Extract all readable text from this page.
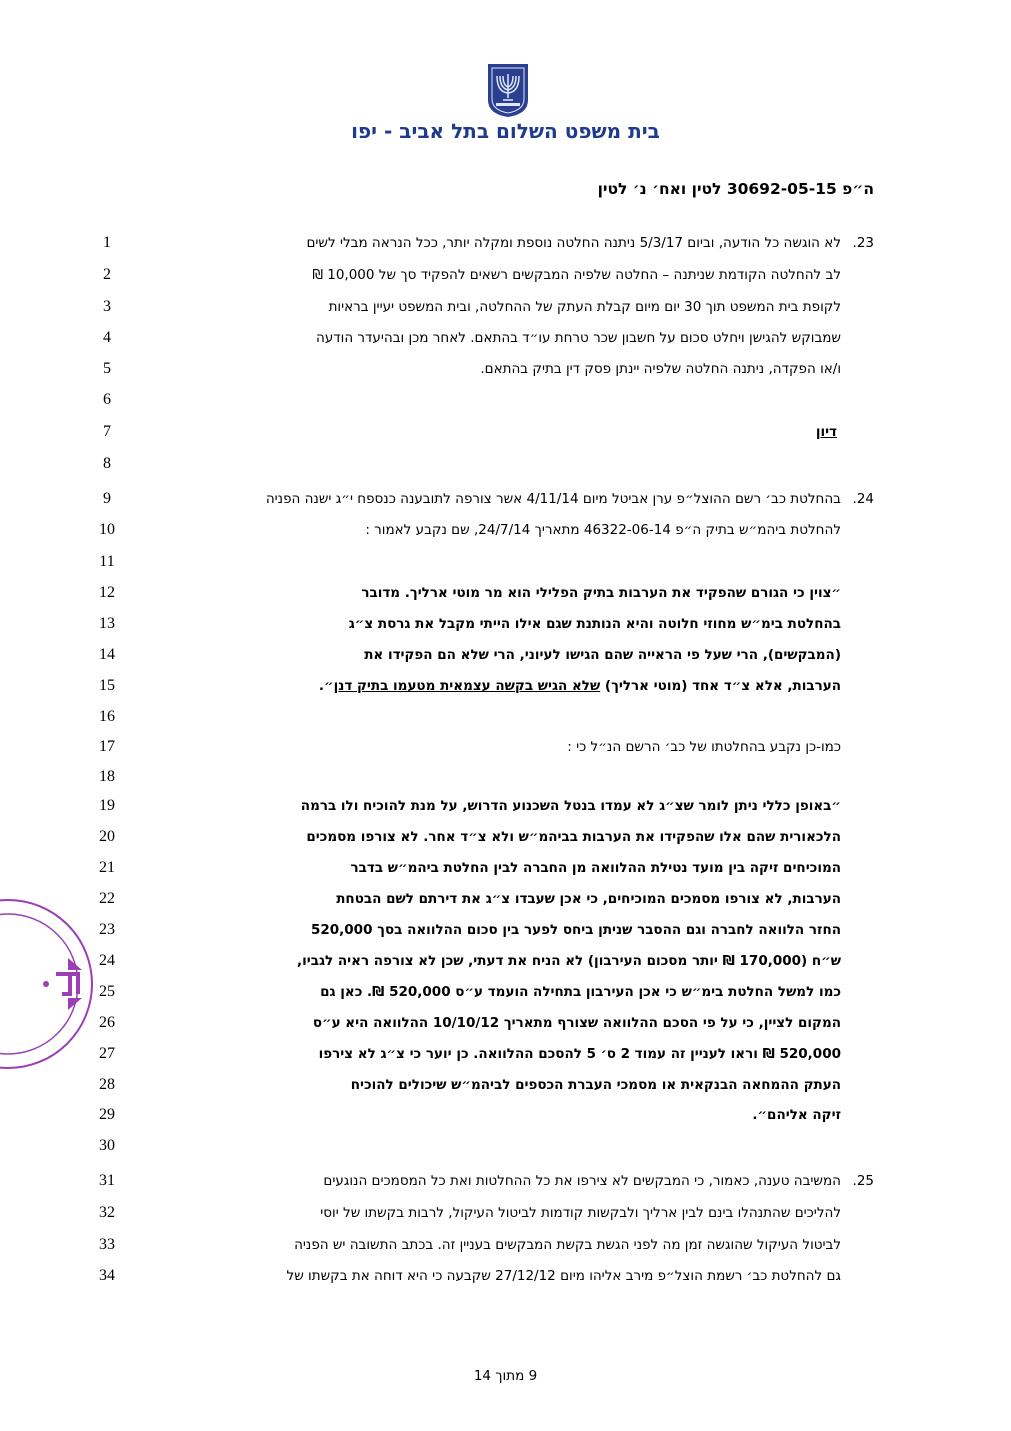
בית משפט השלום בתל אביב - יפו
ה״פ 30692-05-15 לטין ואח׳ נ׳ לטין
1
2
3
4
5
6
7
8
9
10
11
12
13
14
15
16
17
18
19
20
21
22
23
24
25
26
27
28
29
30
31
32
33
34
23.
לא הוגשה כל הודעה, וביום 5/3/17 ניתנה החלטה נוספת ומקלה יותר, ככל הנראה מבלי לשים
לב להחלטה הקודמת שניתנה – החלטה שלפיה המבקשים רשאים להפקיד סך של 10,000 ₪
לקופת בית המשפט תוך 30 יום מיום קבלת העתק של ההחלטה, ובית המשפט יעיין בראיות
שמבוקש להגישן ויחלט סכום על חשבון שכר טרחת עו״ד בהתאם. לאחר מכן ובהיעדר הודעה
ו/או הפקדה, ניתנה החלטה שלפיה יינתן פסק דין בתיק בהתאם.
דיון
24.
בהחלטת כב׳ רשם ההוצל״פ ערן אביטל מיום 4/11/14 אשר צורפה לתובענה כנספח י״ג ישנה הפניה
להחלטת ביהמ״ש בתיק ה״פ 46322-06-14 מתאריך 24/7/14, שם נקבע לאמור :
״צוין כי הגורם שהפקיד את הערבות בתיק הפלילי הוא מר מוטי ארליך. מדובר
בהחלטת בימ״ש מחוזי חלוטה והיא הנותנת שגם אילו הייתי מקבל את גרסת צ״ג
(המבקשים), הרי שעל פי הראייה שהם הגישו לעיוני, הרי שלא הם הפקידו את
הערבות, אלא צ״ד אחד (מוטי ארליך) שלא הגיש בקשה עצמאית מטעמו בתיק דנן״.
כמו-כן נקבע בהחלטתו של כב׳ הרשם הנ״ל כי :
״באופן כללי ניתן לומר שצ״ג לא עמדו בנטל השכנוע הדרוש, על מנת להוכיח ולו ברמה
הלכאורית שהם אלו שהפקידו את הערבות בביהמ״ש ולא צ״ד אחר. לא צורפו מסמכים
המוכיחים זיקה בין מועד נטילת ההלוואה מן החברה לבין החלטת ביהמ״ש בדבר
הערבות, לא צורפו מסמכים המוכיחים, כי אכן שעבדו צ״ג את דירתם לשם הבטחת
החזר הלוואה לחברה וגם ההסבר שניתן ביחס לפער בין סכום ההלוואה בסך 520,000
ש״ח (170,000 ₪ יותר מסכום העירבון) לא הניח את דעתי, שכן לא צורפה ראיה לגביו,
כמו למשל החלטת בימ״ש כי אכן העירבון בתחילה הועמד ע״ס 520,000 ₪. כאן גם
המקום לציין, כי על פי הסכם ההלוואה שצורף מתאריך 10/10/12 ההלוואה היא ע״ס
520,000 ₪ וראו לעניין זה עמוד 2 ס׳ 5 להסכם ההלוואה. כן יוער כי צ״ג לא צירפו
העתק ההמחאה הבנקאית או מסמכי העברת הכספים לביהמ״ש שיכולים להוכיח
זיקה אליהם״.
25.
המשיבה טענה, כאמור, כי המבקשים לא צירפו את כל ההחלטות ואת כל המסמכים הנוגעים
להליכים שהתנהלו בינם לבין ארליך ולבקשות קודמות לביטול העיקול, לרבות בקשתו של יוסי
לביטול העיקול שהוגשה זמן מה לפני הגשת בקשת המבקשים בעניין זה. בכתב התשובה יש הפניה
גם להחלטת כב׳ רשמת הוצל״פ מירב אליהו מיום 27/12/12 שקבעה כי היא דוחה את בקשתו של
9 מתוך 14
